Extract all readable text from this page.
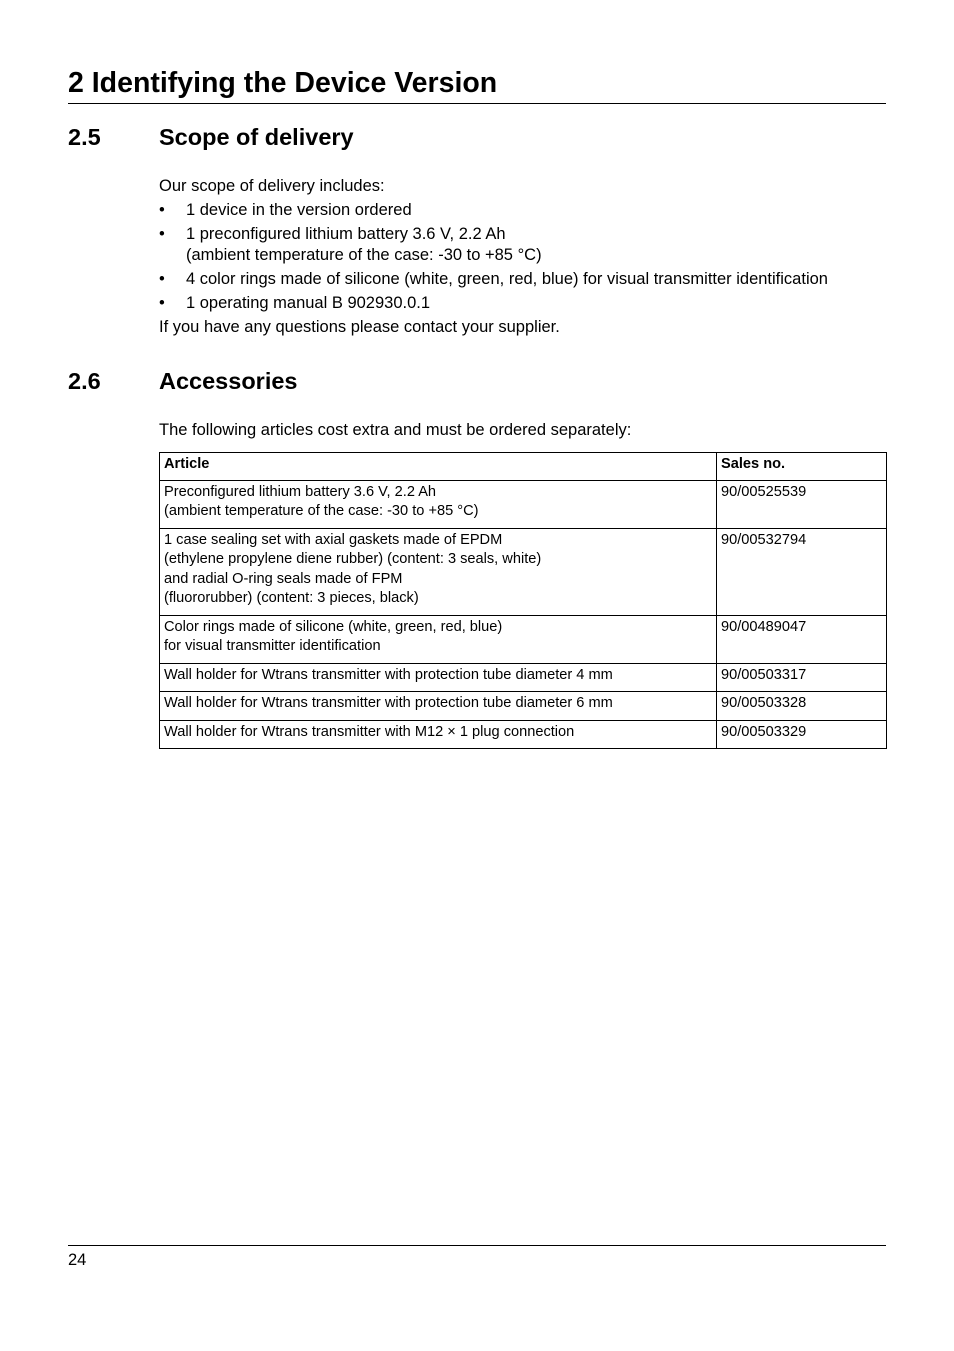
2 Identifying the Device Version
2.5 Scope of delivery

Our scope of delivery includes:

• 1 device in the version ordered
• 1 preconfigured lithium battery 3.6 V, 2.2 Ah
(ambient temperature of the case: -30 to +85 °C)
• 4 color rings made of silicone (white, green, red, blue) for visual transmitter identification
• 1 operating manual B 902930.0.1

If you have any questions please contact your supplier.

2.6 Accessories

The following articles cost extra and must be ordered separately:

Article	Sales no.

Preconfigured lithium battery 3.6 V, 2.2 Ah
(ambient temperature of the case: -30 to +85 °C)	90/00525539

1 case sealing set with axial gaskets made of EPDM
(ethylene propylene diene rubber) (content: 3 seals, white)
and radial O-ring seals made of FPM
(fluororubber) (content: 3 pieces, black)	90/00532794

Color rings made of silicone (white, green, red, blue)
for visual transmitter identification	90/00489047

Wall holder for Wtrans transmitter with protection tube diameter 4 mm	90/00503317

Wall holder for Wtrans transmitter with protection tube diameter 6 mm	90/00503328

Wall holder for Wtrans transmitter with M12 × 1 plug connection	90/00503329
24
